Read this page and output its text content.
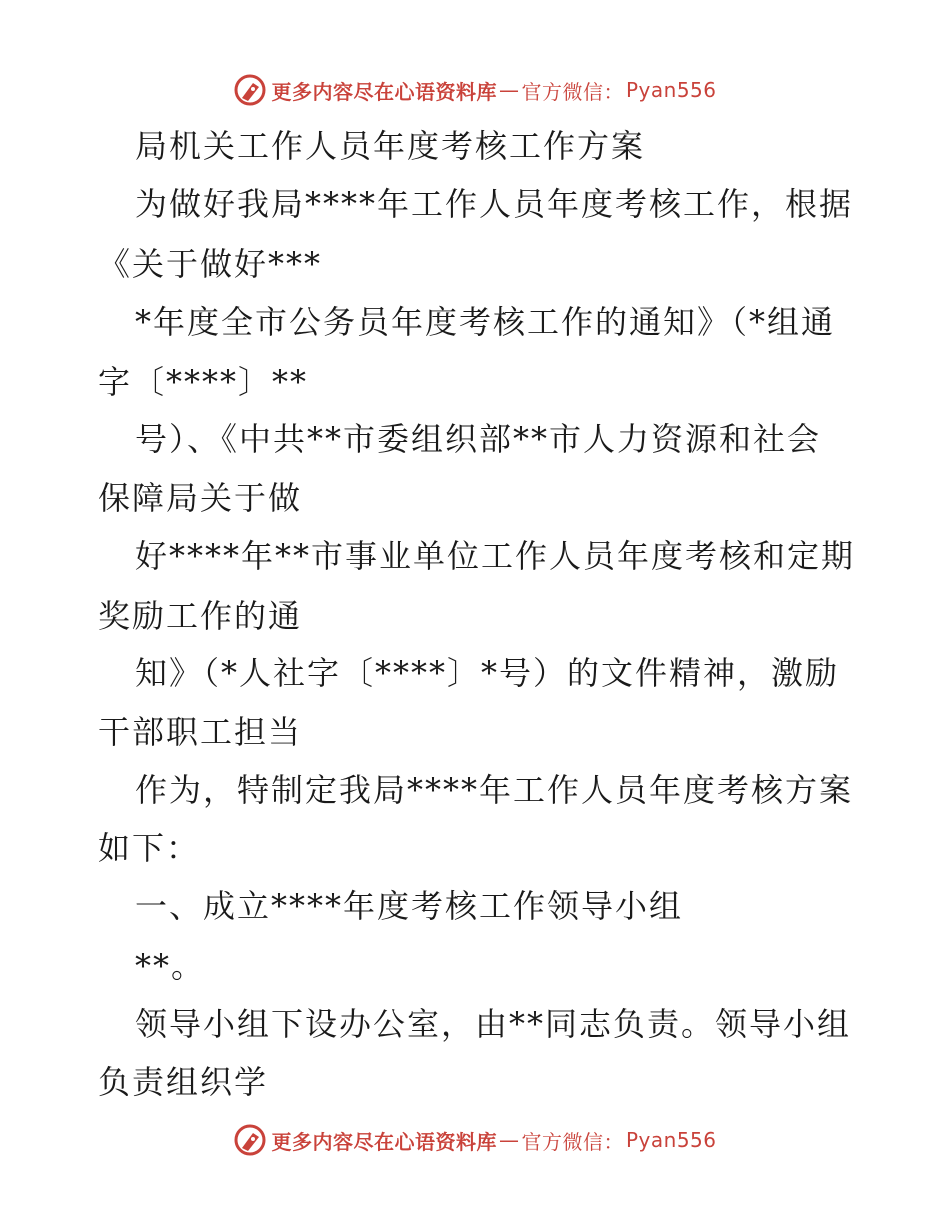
更多内容尽在心语资料库 — 官方微信： Pyan556
局机关工作人员年度考核工作方案
为做好我局****年工作人员年度考核工作，根据
《关于做好***
*年度全市公务员年度考核工作的通知》（*组通
字〔****〕**
号）、《中共**市委组织部**市人力资源和社会
保障局关于做
好****年**市事业单位工作人员年度考核和定期
奖励工作的通
知》（*人社字〔****〕*号）的文件精神，激励
干部职工担当
作为，特制定我局****年工作人员年度考核方案
如下：
一、成立****年度考核工作领导小组
**。
领导小组下设办公室，由**同志负责。领导小组
负责组织学
更多内容尽在心语资料库 — 官方微信： Pyan556
